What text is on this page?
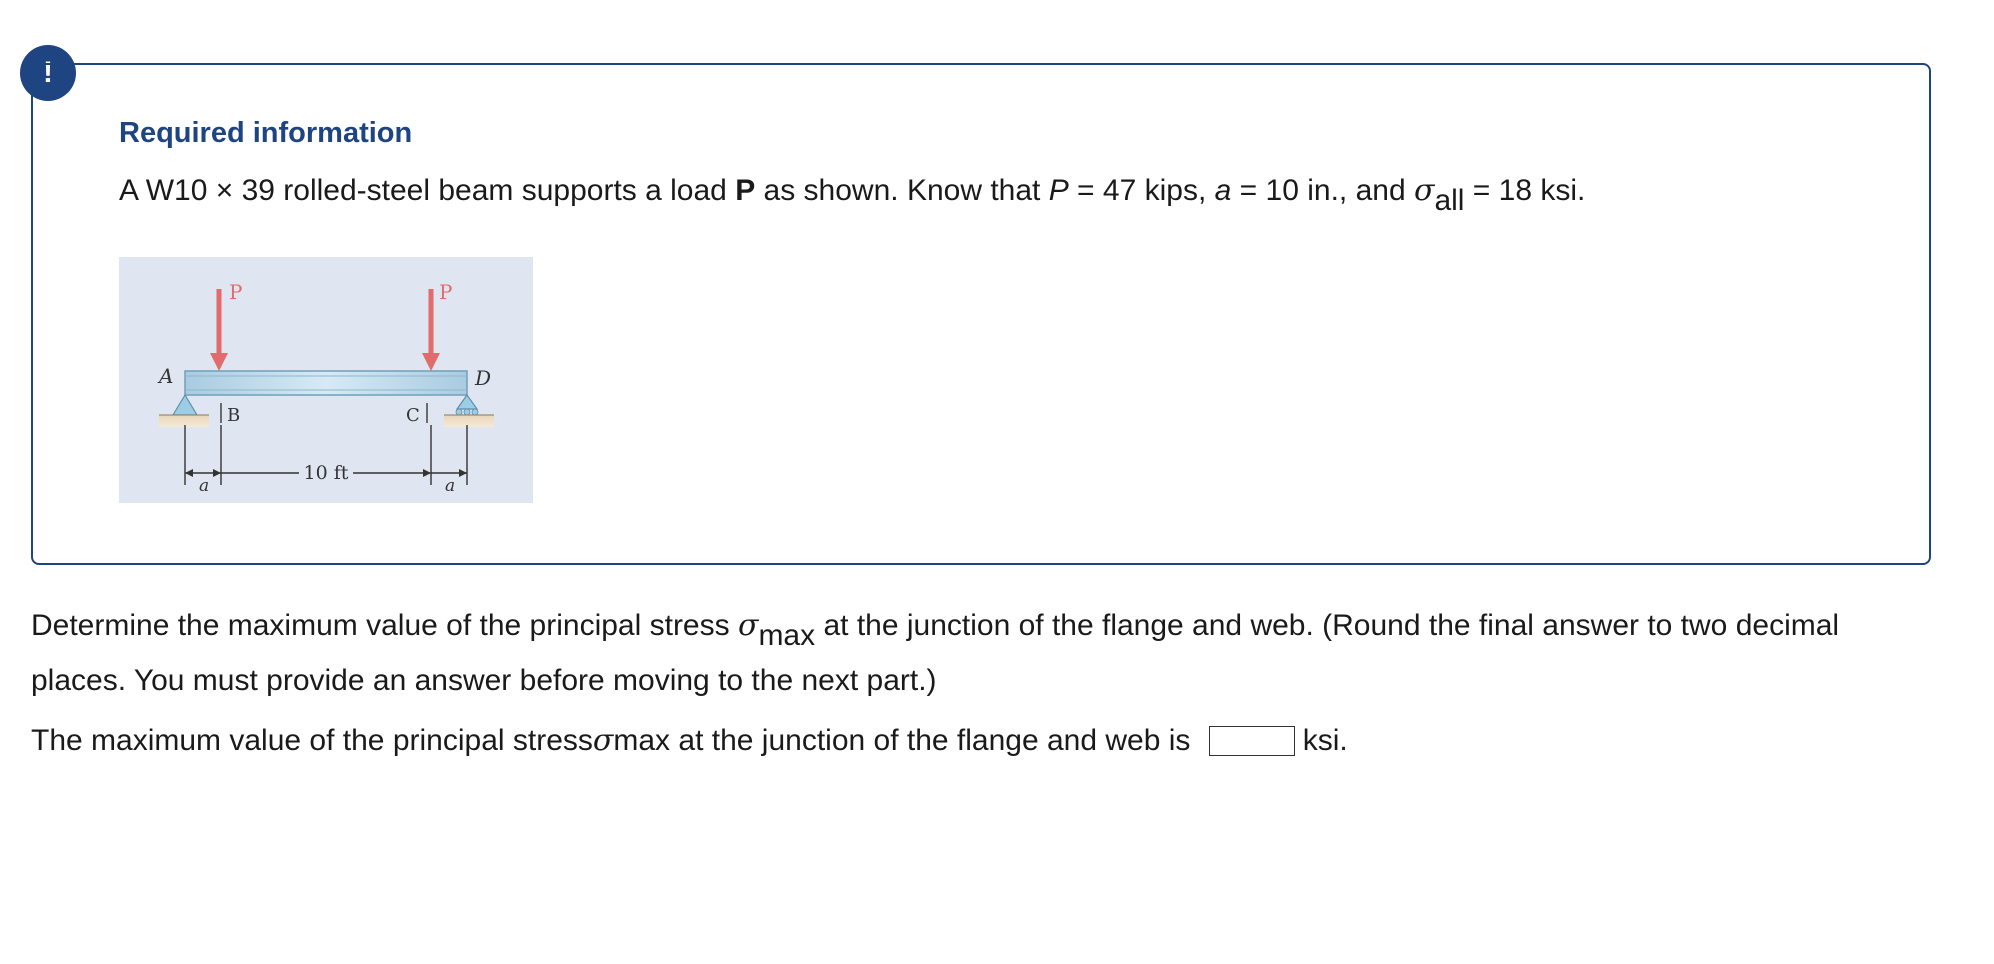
!
Required information

A W10 × 39 rolled-steel beam supports a load P as shown. Know that P = 47 kips, a = 10 in., and σall = 18 ksi.

P	P
A	D
B	C
10 ft
a	a

Determine the maximum value of the principal stress σmax at the junction of the flange and web. (Round the final answer to two decimal places. You must provide an answer before moving to the next part.)

The maximum value of the principal stress σ max at the junction of the flange and web is	ksi.
